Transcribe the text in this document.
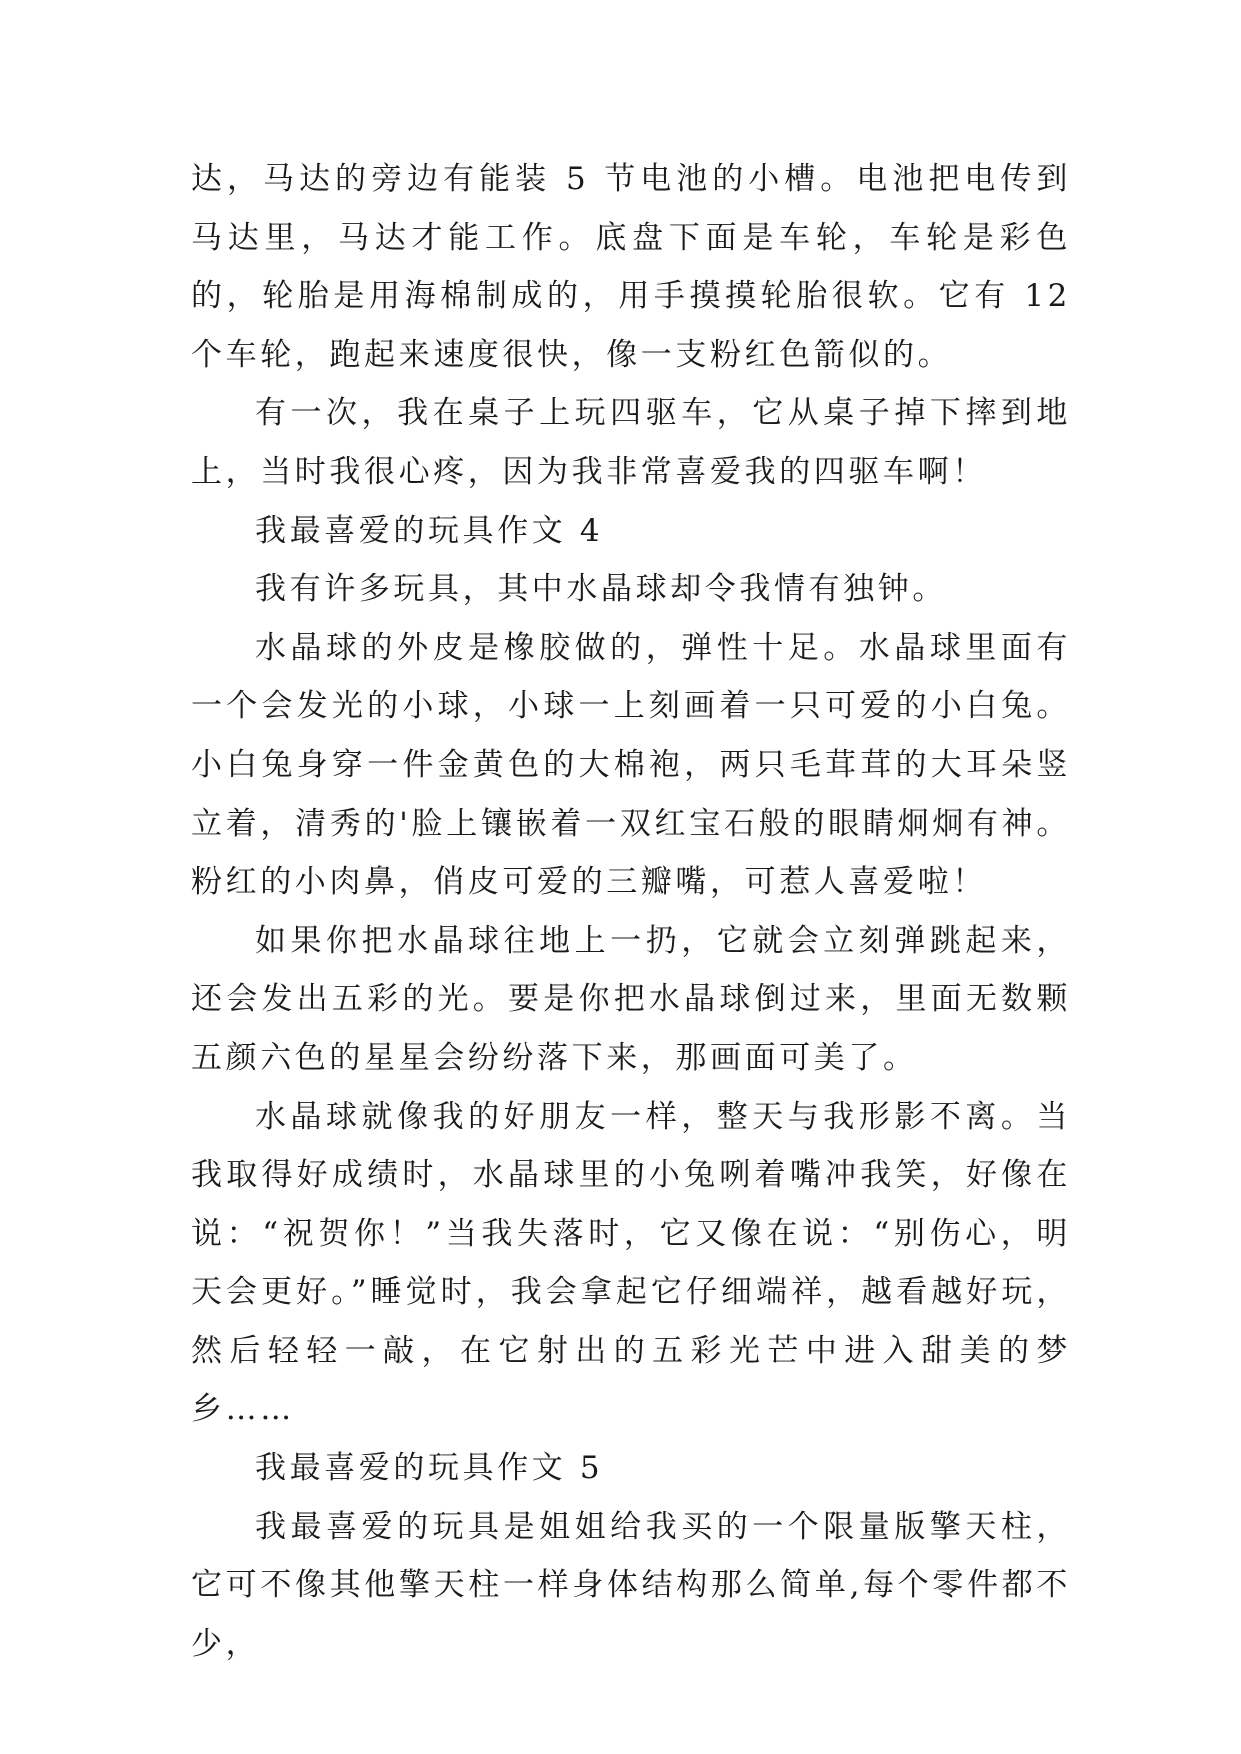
达，马达的旁边有能装 5 节电池的小槽。电池把电传到马达里，马达才能工作。底盘下面是车轮，车轮是彩色的，轮胎是用海棉制成的，用手摸摸轮胎很软。它有 12 个车轮，跑起来速度很快，像一支粉红色箭似的。

有一次，我在桌子上玩四驱车，它从桌子掉下摔到地上，当时我很心疼，因为我非常喜爱我的四驱车啊！

我最喜爱的玩具作文 4

我有许多玩具，其中水晶球却令我情有独钟。

水晶球的外皮是橡胶做的，弹性十足。水晶球里面有一个会发光的小球，小球一上刻画着一只可爱的小白兔。小白兔身穿一件金黄色的大棉袍，两只毛茸茸的大耳朵竖立着，清秀的'脸上镶嵌着一双红宝石般的眼睛炯炯有神。粉红的小肉鼻，俏皮可爱的三瓣嘴，可惹人喜爱啦！

如果你把水晶球往地上一扔，它就会立刻弹跳起来，还会发出五彩的光。要是你把水晶球倒过来，里面无数颗五颜六色的星星会纷纷落下来，那画面可美了。

水晶球就像我的好朋友一样，整天与我形影不离。当我取得好成绩时，水晶球里的小兔咧着嘴冲我笑，好像在说：“祝贺你！”当我失落时，它又像在说：“别伤心，明天会更好。”睡觉时，我会拿起它仔细端祥，越看越好玩，然后轻轻一敲，在它射出的五彩光芒中进入甜美的梦乡……

我最喜爱的玩具作文 5

我最喜爱的玩具是姐姐给我买的一个限量版擎天柱，它可不像其他擎天柱一样身体结构那么简单,每个零件都不少，
